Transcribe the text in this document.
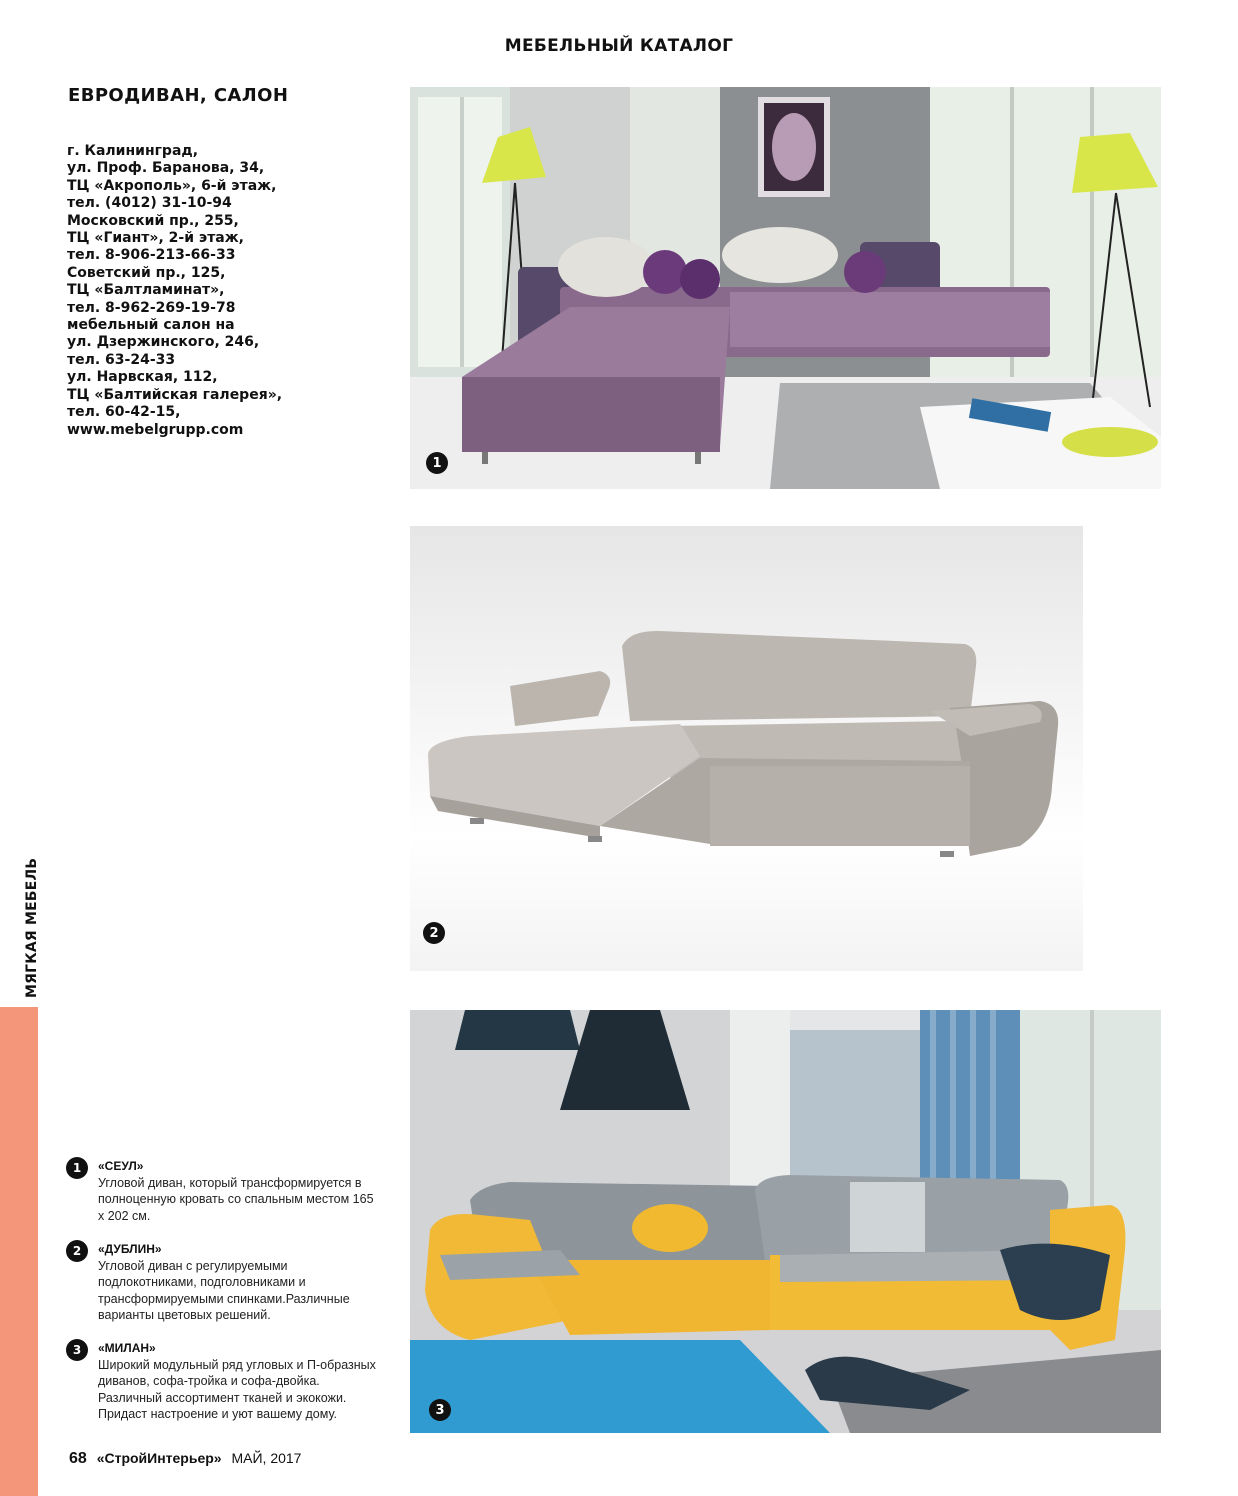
МЕБЕЛЬНЫЙ КАТАЛОГ
ЕВРОДИВАН, САЛОН
г. Калининград,
ул. Проф. Баранова, 34,
ТЦ «Акрополь», 6-й этаж,
тел. (4012) 31-10-94
Московский пр., 255,
ТЦ «Гиант», 2-й этаж,
тел. 8-906-213-66-33
Советский пр., 125,
ТЦ «Балтламинат»,
тел. 8-962-269-19-78
мебельный салон на
ул. Дзержинского, 246,
тел. 63-24-33
ул. Нарвская, 112,
ТЦ «Балтийская галерея»,
тел. 60-42-15,
www.mebelgrupp.com
1
2
3
МЯГКАЯ МЕБЕЛЬ
1	«СЕУЛ»
Угловой диван, который трансформируется в полноценную кровать со спальным местом 165 х 202 см.
2	«ДУБЛИН»
Угловой диван с регулируемыми подлокотниками, подголовниками и трансформируемыми спинками.Различные варианты цветовых решений.
3	«МИЛАН»
Широкий модульный ряд угловых и П-образных диванов, софа-тройка и софа-двойка. Различный ассортимент тканей и экокожи. Придаст настроение и уют вашему дому.
68 «СтройИнтерьер» МАЙ, 2017
